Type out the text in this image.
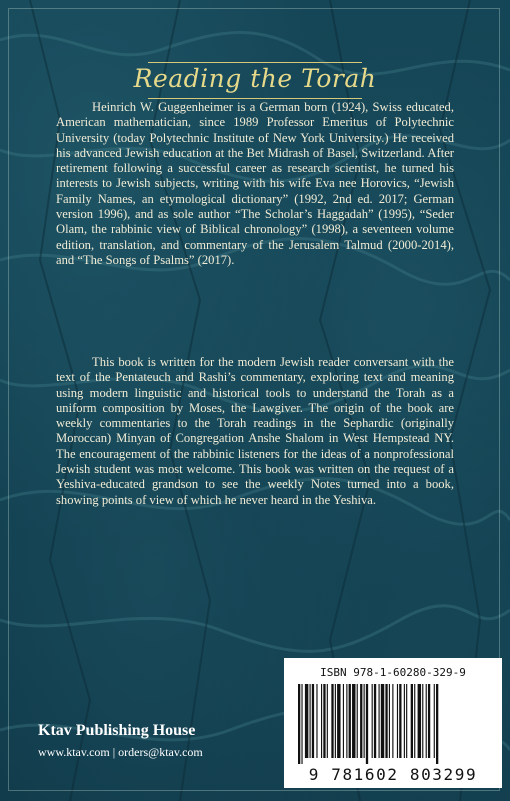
Reading the Torah

Heinrich W. Guggenheimer is a German born (1924), Swiss educated, American mathematician, since 1989 Professor Emeritus of Polytechnic University (today Polytechnic Institute of New York University.) He received his advanced Jewish education at the Bet Midrash of Basel, Switzerland. After retirement following a successful career as research scientist, he turned his interests to Jewish subjects, writing with his wife Eva nee Horovics, “Jewish Family Names, an etymological dictionary” (1992, 2nd ed. 2017; German version 1996), and as sole author “The Scholar’s Haggadah” (1995), “Seder Olam, the rabbinic view of Biblical chronology” (1998), a seventeen volume edition, translation, and commentary of the Jerusalem Talmud (2000-2014), and “The Songs of Psalms” (2017).

This book is written for the modern Jewish reader conversant with the text of the Pentateuch and Rashi’s commentary, exploring text and meaning using modern linguistic and historical tools to understand the Torah as a uniform composition by Moses, the Lawgiver. The origin of the book are weekly commentaries to the Torah readings in the Sephardic (originally Moroccan) Minyan of Congregation Anshe Shalom in West Hempstead NY. The encouragement of the rabbinic listeners for the ideas of a nonprofessional Jewish student was most welcome. This book was written on the request of a Yeshiva-educated grandson to see the weekly Notes turned into a book, showing points of view of which he never heard in the Yeshiva.

Ktav Publishing House
www.ktav.com | orders@ktav.com
ISBN 978-1-60280-329-9
9 781602 803299
